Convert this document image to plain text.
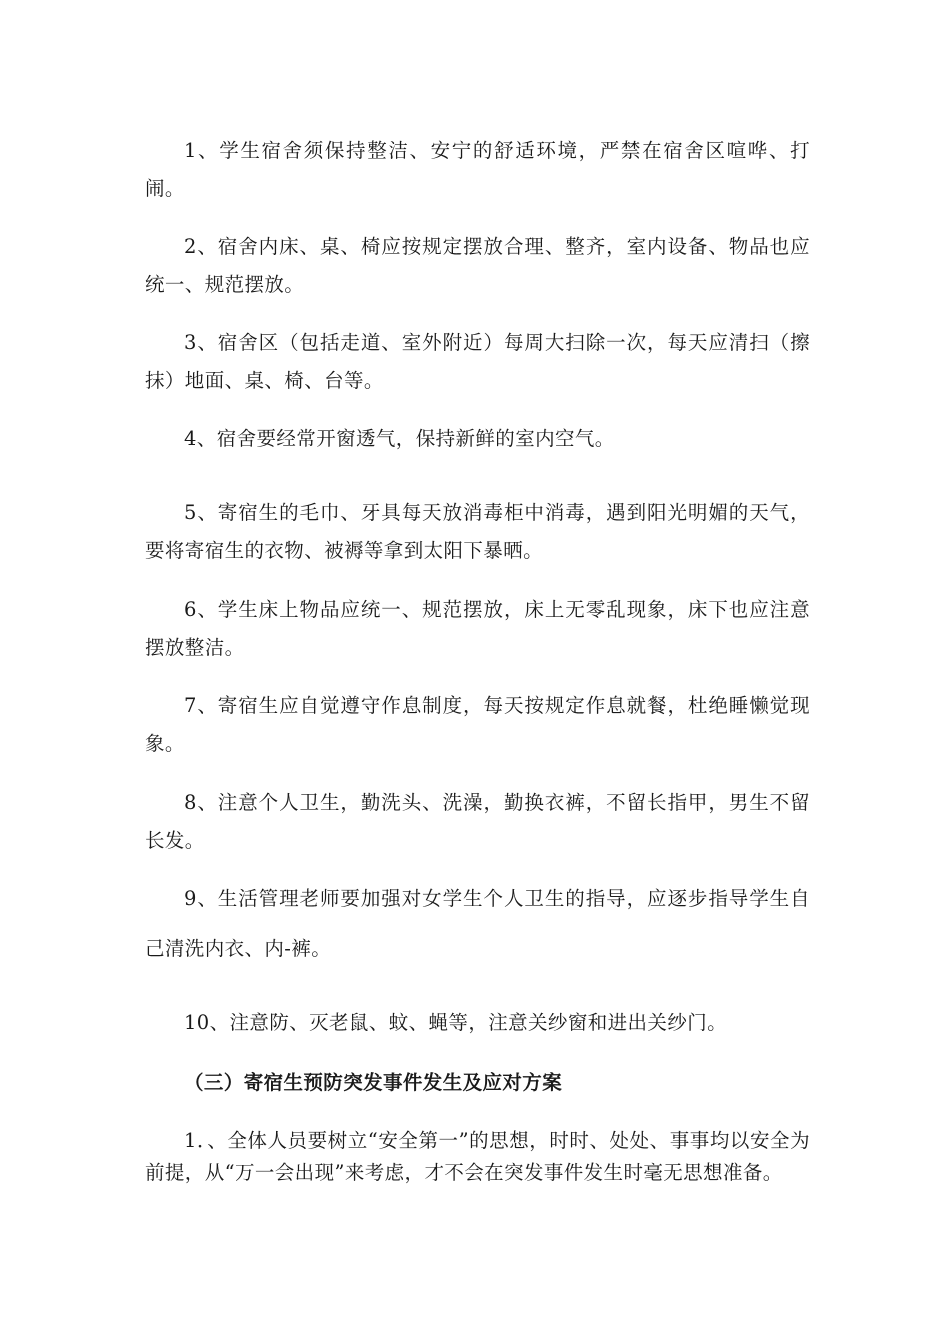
1、学生宿舍须保持整洁、安宁的舒适环境，严禁在宿舍区喧哗、打闹。

2、宿舍内床、桌、椅应按规定摆放合理、整齐，室内设备、物品也应统一、规范摆放。

3、宿舍区（包括走道、室外附近）每周大扫除一次，每天应清扫（擦抹）地面、桌、椅、台等。

4、宿舍要经常开窗透气，保持新鲜的室内空气。

5、寄宿生的毛巾、牙具每天放消毒柜中消毒，遇到阳光明媚的天气，要将寄宿生的衣物、被褥等拿到太阳下暴晒。

6、学生床上物品应统一、规范摆放，床上无零乱现象，床下也应注意摆放整洁。

7、寄宿生应自觉遵守作息制度，每天按规定作息就餐，杜绝睡懒觉现象。

8、注意个人卫生，勤洗头、洗澡，勤换衣裤，不留长指甲，男生不留长发。

9、生活管理老师要加强对女学生个人卫生的指导，应逐步指导学生自己清洗内衣、内-裤。

10、注意防、灭老鼠、蚊、蝇等，注意关纱窗和进出关纱门。

（三）寄宿生预防突发事件发生及应对方案

1．、全体人员要树立“安全第一”的思想，时时、处处、事事均以安全为前提，从“万一会出现”来考虑，才不会在突发事件发生时毫无思想准备。
